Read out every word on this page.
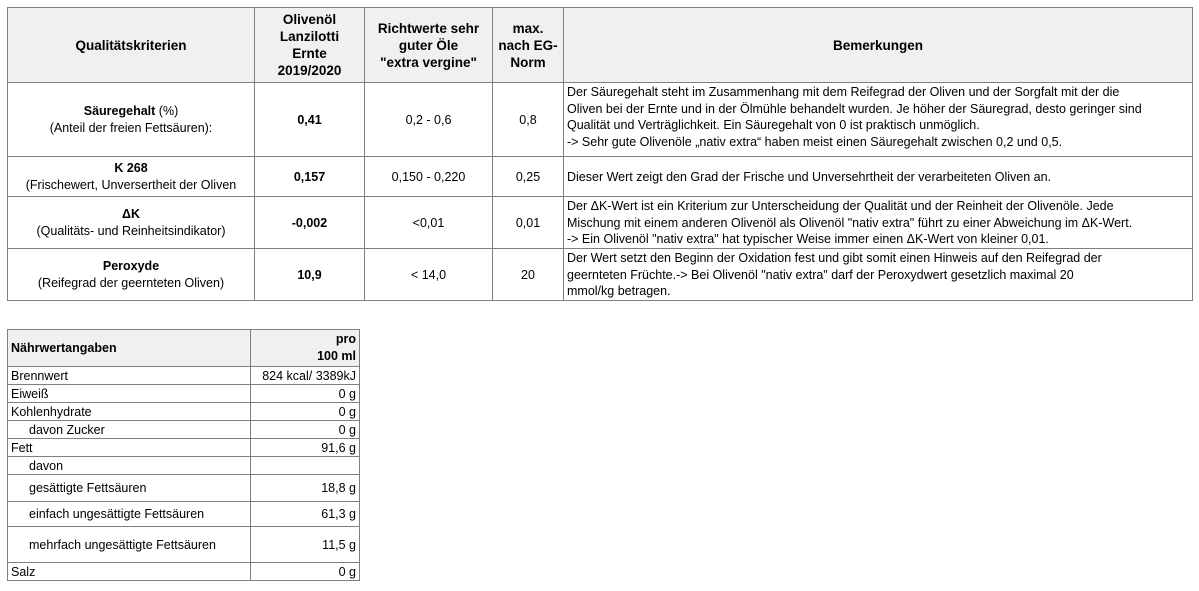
Qualitätskriterien	Olivenöl
Lanzilotti
Ernte
2019/2020	Richtwerte sehr
guter Öle
"extra vergine"	max.
nach EG-
Norm	Bemerkungen
Säuregehalt (%)
(Anteil der freien Fettsäuren):	0,41	0,2 - 0,6	0,8	Der Säuregehalt steht im Zusammenhang mit dem Reifegrad der Oliven und der Sorgfalt mit der die
Oliven bei der Ernte und in der Ölmühle behandelt wurden. Je höher der Säuregrad, desto geringer sind
Qualität und Verträglichkeit. Ein Säuregehalt von 0 ist praktisch unmöglich.
-> Sehr gute Olivenöle „nativ extra“ haben meist einen Säuregehalt zwischen 0,2 und 0,5.
K 268
(Frischewert, Unversertheit der Oliven	0,157	0,150 - 0,220	0,25	Dieser Wert zeigt den Grad der Frische und Unversehrtheit der verarbeiteten Oliven an.
ΔK
(Qualitäts- und Reinheitsindikator)	-0,002	<0,01	0,01	Der ΔK-Wert ist ein Kriterium zur Unterscheidung der Qualität und der Reinheit der Olivenöle. Jede
Mischung mit einem anderen Olivenöl als Olivenöl "nativ extra" führt zu einer Abweichung im ΔK-Wert.
-> Ein Olivenöl "nativ extra" hat typischer Weise immer einen ΔK-Wert von kleiner 0,01.
Peroxyde
(Reifegrad der geernteten Oliven)	10,9	< 14,0	20	Der Wert setzt den Beginn der Oxidation fest und gibt somit einen Hinweis auf den Reifegrad der
geernteten Früchte.-> Bei Olivenöl "nativ extra" darf der Peroxydwert gesetzlich maximal 20
mmol/kg betragen.
Nährwertangaben	pro
100 ml
Brennwert	824 kcal/ 3389kJ
Eiweiß	0 g
Kohlenhydrate	0 g
davon Zucker	0 g
Fett	91,6 g
davon	
gesättigte Fettsäuren	18,8 g
einfach ungesättigte Fettsäuren	61,3 g
mehrfach ungesättigte Fettsäuren	11,5 g
Salz	0 g
